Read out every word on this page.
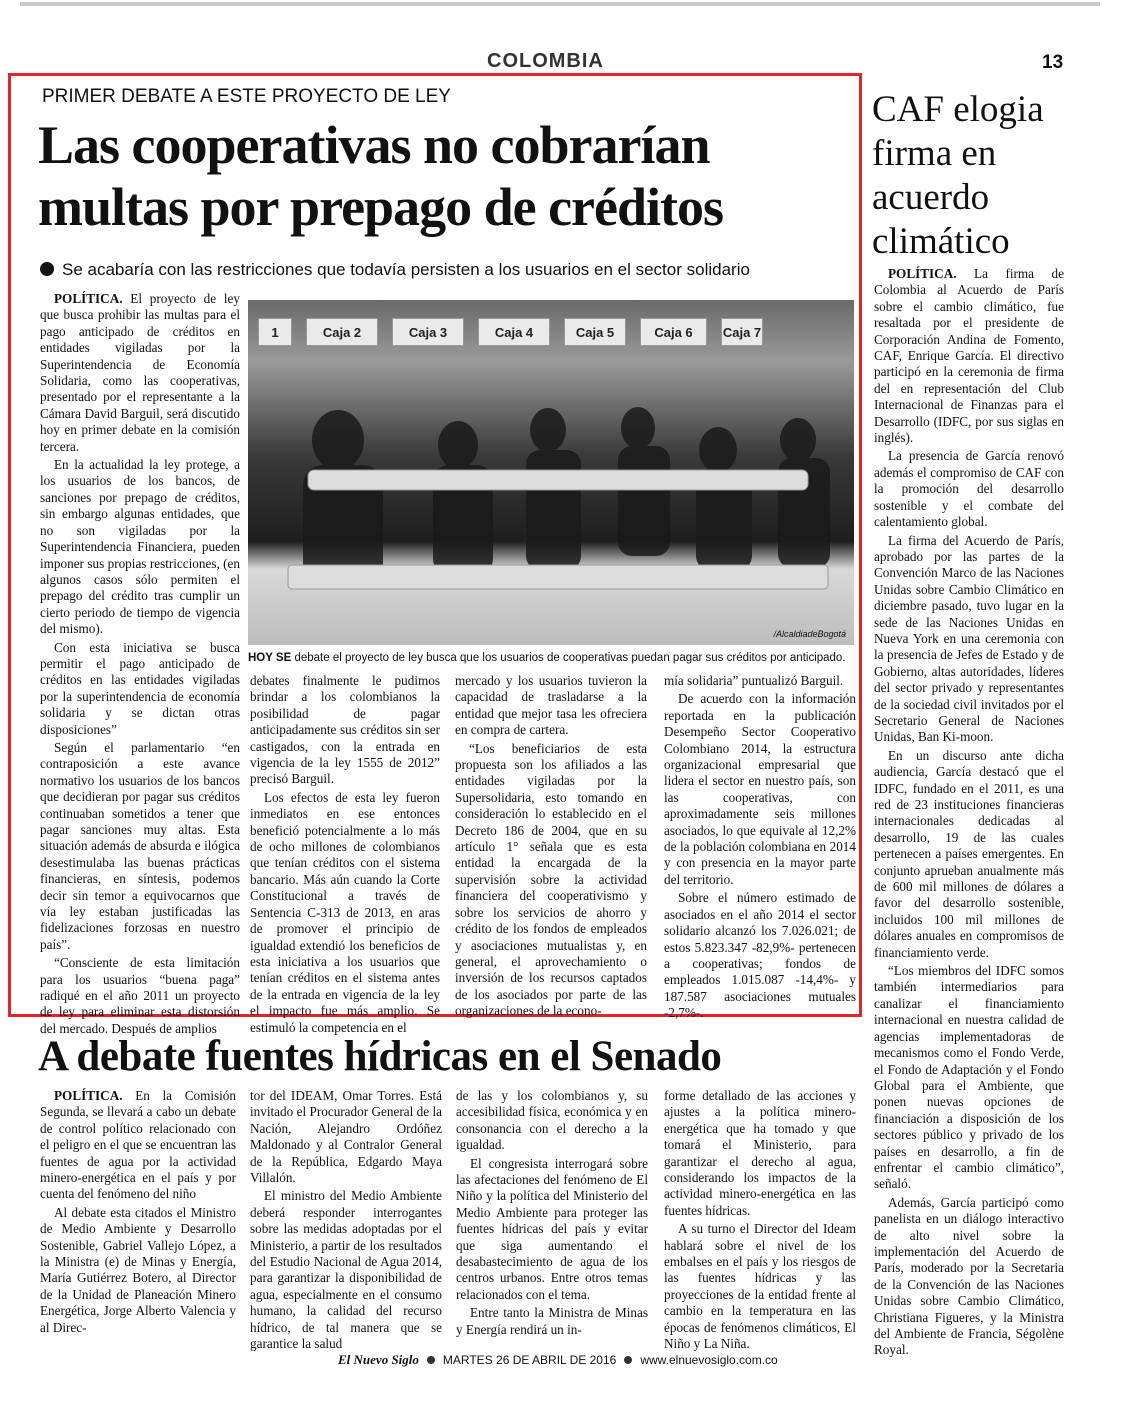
COLOMBIA	13
PRIMER DEBATE A ESTE PROYECTO DE LEY
Las cooperativas no cobrarían multas por prepago de créditos
Se acabaría con las restricciones que todavía persisten a los usuarios en el sector solidario

POLÍTICA. El proyecto de ley que busca prohibir las multas para el pago anticipado de créditos en entidades vigiladas por la Superintendencia de Economía Solidaria, como las cooperativas, presentado por el representante a la Cámara David Barguil, será discutido hoy en primer debate en la comisión tercera.

En la actualidad la ley protege, a los usuarios de los bancos, de sanciones por prepago de créditos, sin embargo algunas entidades, que no son vigiladas por la Superintendencia Financiera, pueden imponer sus propias restricciones, (en algunos casos sólo permiten el prepago del crédito tras cumplir un cierto periodo de tiempo de vigencia del mismo).

Con esta iniciativa se busca permitir el pago anticipado de créditos en las entidades vigiladas por la superintendencia de economía solidaria y se dictan otras disposiciones”

Según el parlamentario “en contraposición a este avance normativo los usuarios de los bancos que decidieran por pagar sus créditos continuaban sometidos a tener que pagar sanciones muy altas. Esta situación además de absurda e ilógica desestimulaba las buenas prácticas financieras, en síntesis, podemos decir sin temor a equivocarnos que vía ley estaban justificadas las fidelizaciones forzosas en nuestro país”.

“Consciente de esta limitación para los usuarios “buena paga” radiqué en el año 2011 un proyecto de ley para eliminar esta distorsión del mercado. Después de amplios

1	Caja 2	Caja 3	Caja 4	Caja 5	Caja 6	Caja 7
/AlcaldiadeBogotá
HOY SE debate el proyecto de ley busca que los usuarios de cooperativas puedan pagar sus créditos por anticipado.

debates finalmente le pudimos brindar a los colombianos la posibilidad de pagar anticipadamente sus créditos sin ser castigados, con la entrada en vigencia de la ley 1555 de 2012” precisó Barguil.

Los efectos de esta ley fueron inmediatos en ese entonces benefició potencialmente a lo más de ocho millones de colombianos que tenían créditos con el sistema bancario. Más aún cuando la Corte Constitucional a través de Sentencia C-313 de 2013, en aras de promover el principio de igualdad extendió los beneficios de esta iniciativa a los usuarios que tenían créditos en el sistema antes de la entrada en vigencia de la ley el impacto fue más amplio. Se estimuló la competencia en el

mercado y los usuarios tuvieron la capacidad de trasladarse a la entidad que mejor tasa les ofreciera en compra de cartera.

“Los beneficiarios de esta propuesta son los afiliados a las entidades vigiladas por la Supersolidaria, esto tomando en consideración lo establecido en el Decreto 186 de 2004, que en su artículo 1° señala que es esta entidad la encargada de la supervisión sobre la actividad financiera del cooperativismo y sobre los servicios de ahorro y crédito de los fondos de empleados y asociaciones mutualistas y, en general, el aprovechamiento o inversión de los recursos captados de los asociados por parte de las organizaciones de la econo-

mía solidaria” puntualizó Barguil.

De acuerdo con la información reportada en la publicación Desempeño Sector Cooperativo Colombiano 2014, la estructura organizacional empresarial que lidera el sector en nuestro país, son las cooperativas, con aproximadamente seis millones asociados, lo que equivale al 12,2% de la población colombiana en 2014 y con presencia en la mayor parte del territorio.

Sobre el número estimado de asociados en el año 2014 el sector solidario alcanzó los 7.026.021; de estos 5.823.347 -82,9%- pertenecen a cooperativas; fondos de empleados 1.015.087 -14,4%- y 187.587 asociaciones mutuales -2,7%-.

CAF elogia firma en acuerdo climático

POLÍTICA. La firma de Colombia al Acuerdo de París sobre el cambio climático, fue resaltada por el presidente de Corporación Andina de Fomento, CAF, Enrique García. El directivo participó en la ceremonia de firma del en representación del Club Internacional de Finanzas para el Desarrollo (IDFC, por sus siglas en inglés).

La presencia de García renovó además el compromiso de CAF con la promoción del desarrollo sostenible y el combate del calentamiento global.

La firma del Acuerdo de París, aprobado por las partes de la Convención Marco de las Naciones Unidas sobre Cambio Climático en diciembre pasado, tuvo lugar en la sede de las Naciones Unidas en Nueva York en una ceremonia con la presencia de Jefes de Estado y de Gobierno, altas autoridades, líderes del sector privado y representantes de la sociedad civil invitados por el Secretario General de Naciones Unidas, Ban Ki-moon.

En un discurso ante dicha audiencia, García destacó que el IDFC, fundado en el 2011, es una red de 23 instituciones financieras internacionales dedicadas al desarrollo, 19 de las cuales pertenecen a países emergentes. En conjunto aprueban anualmente más de 600 mil millones de dólares a favor del desarrollo sostenible, incluidos 100 mil millones de dólares anuales en compromisos de financiamiento verde.

“Los miembros del IDFC somos también intermediarios para canalizar el financiamiento internacional en nuestra calidad de agencias implementadoras de mecanismos como el Fondo Verde, el Fondo de Adaptación y el Fondo Global para el Ambiente, que ponen nuevas opciones de financiación a disposición de los sectores público y privado de los países en desarrollo, a fin de enfrentar el cambio climático”, señaló.

Además, García participó como panelista en un diálogo interactivo de alto nivel sobre la implementación del Acuerdo de París, moderado por la Secretaria de la Convención de las Naciones Unidas sobre Cambio Climático, Christiana Figueres, y la Ministra del Ambiente de Francia, Ségolène Royal.

A debate fuentes hídricas en el Senado

POLÍTICA. En la Comisión Segunda, se llevará a cabo un debate de control político relacionado con el peligro en el que se encuentran las fuentes de agua por la actividad minero-energética en el país y por cuenta del fenómeno del niño

Al debate esta citados el Ministro de Medio Ambiente y Desarrollo Sostenible, Gabriel Vallejo López, a la Ministra (e) de Minas y Energía, María Gutiérrez Botero, al Director de la Unidad de Planeación Minero Energética, Jorge Alberto Valencia y al Direc-

tor del IDEAM, Omar Torres. Está invitado el Procurador General de la Nación, Alejandro Ordóñez Maldonado y al Contralor General de la República, Edgardo Maya Villalón.

El ministro del Medio Ambiente deberá responder interrogantes sobre las medidas adoptadas por el Ministerio, a partir de los resultados del Estudio Nacional de Agua 2014, para garantizar la disponibilidad de agua, especialmente en el consumo humano, la calidad del recurso hídrico, de tal manera que se garantice la salud

de las y los colombianos y, su accesibilidad física, económica y en consonancia con el derecho a la igualdad.

El congresista interrogará sobre las afectaciones del fenómeno de El Niño y la política del Ministerio del Medio Ambiente para proteger las fuentes hídricas del país y evitar que siga aumentando el desabastecimiento de agua de los centros urbanos. Entre otros temas relacionados con el tema.

Entre tanto la Ministra de Minas y Energía rendirá un in-

forme detallado de las acciones y ajustes a la política minero-energética que ha tomado y que tomará el Ministerio, para garantizar el derecho al agua, considerando los impactos de la actividad minero-energética en las fuentes hídricas.

A su turno el Director del Ideam hablará sobre el nivel de los embalses en el país y los riesgos de las fuentes hídricas y las proyecciones de la entidad frente al cambio en la temperatura en las épocas de fenómenos climáticos, El Niño y La Niña.

El Nuevo Siglo MARTES 26 DE ABRIL DE 2016 www.elnuevosiglo.com.co
